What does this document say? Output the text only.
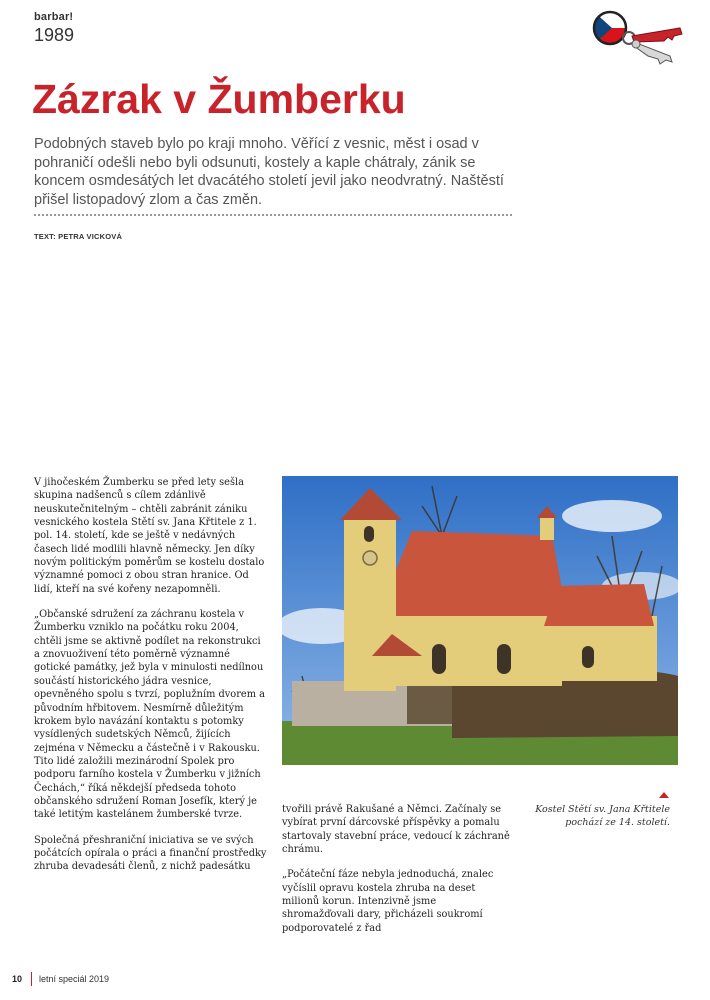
barbar!
1989
Zázrak v Žumberku

Podobných staveb bylo po kraji mnoho. Věřící z vesnic, měst i osad v pohraničí odešli nebo byli odsunuti, kostely a kaple chátraly, zánik se koncem osmdesátých let dvacátého století jevil jako neodvratný. Naštěstí přišel listopadový zlom a čas změn.

TEXT: PETRA VICKOVÁ

V jihočeském Žumberku se před lety sešla skupina nadšenců s cílem zdánlivě neuskutečnitelným – chtěli zabránit zániku vesnického kostela Stětí sv. Jana Křtitele z 1. pol. 14. století, kde se ještě v nedávných časech lidé modlili hlavně německy. Jen díky novým politickým poměrům se kostelu dostalo významné pomoci z obou stran hranice. Od lidí, kteří na své kořeny nezapomněli.

„Občanské sdružení za záchranu kostela v Žumberku vzniklo na počátku roku 2004, chtěli jsme se aktivně podílet na rekonstrukci a znovuoživení této poměrně významné gotické památky, jež byla v minulosti nedílnou součástí historického jádra vesnice, opevněného spolu s tvrzí, poplužním dvorem a původním hřbitovem. Nesmírně důležitým krokem bylo navázání kontaktu s potomky vysídlených sudetských Němců, žijících zejména v Německu a částečně i v Rakousku. Tito lidé založili mezinárodní Spolek pro podporu farního kostela v Žumberku v jižních Čechách,“ říká někdejší předseda tohoto občanského sdružení Roman Josefík, který je také letitým kastelánem žumberské tvrze.

Společná přeshraniční iniciativa se ve svých počátcích opírala o práci a finanční prostředky zhruba devadesáti členů, z nichž padesátku

Kostel Stětí sv. Jana Křtitele pochází ze 14. století.

tvořili právě Rakušané a Němci. Začínaly se vybírat první dárcovské příspěvky a pomalu startovaly stavební práce, vedoucí k záchraně chrámu.

„Počáteční fáze nebyla jednoduchá, znalec vyčíslil opravu kostela zhruba na deset milionů korun. Intenzivně jsme shromažďovali dary, přicházeli soukromí podporovatelé z řad

10 letní speciál 2019
